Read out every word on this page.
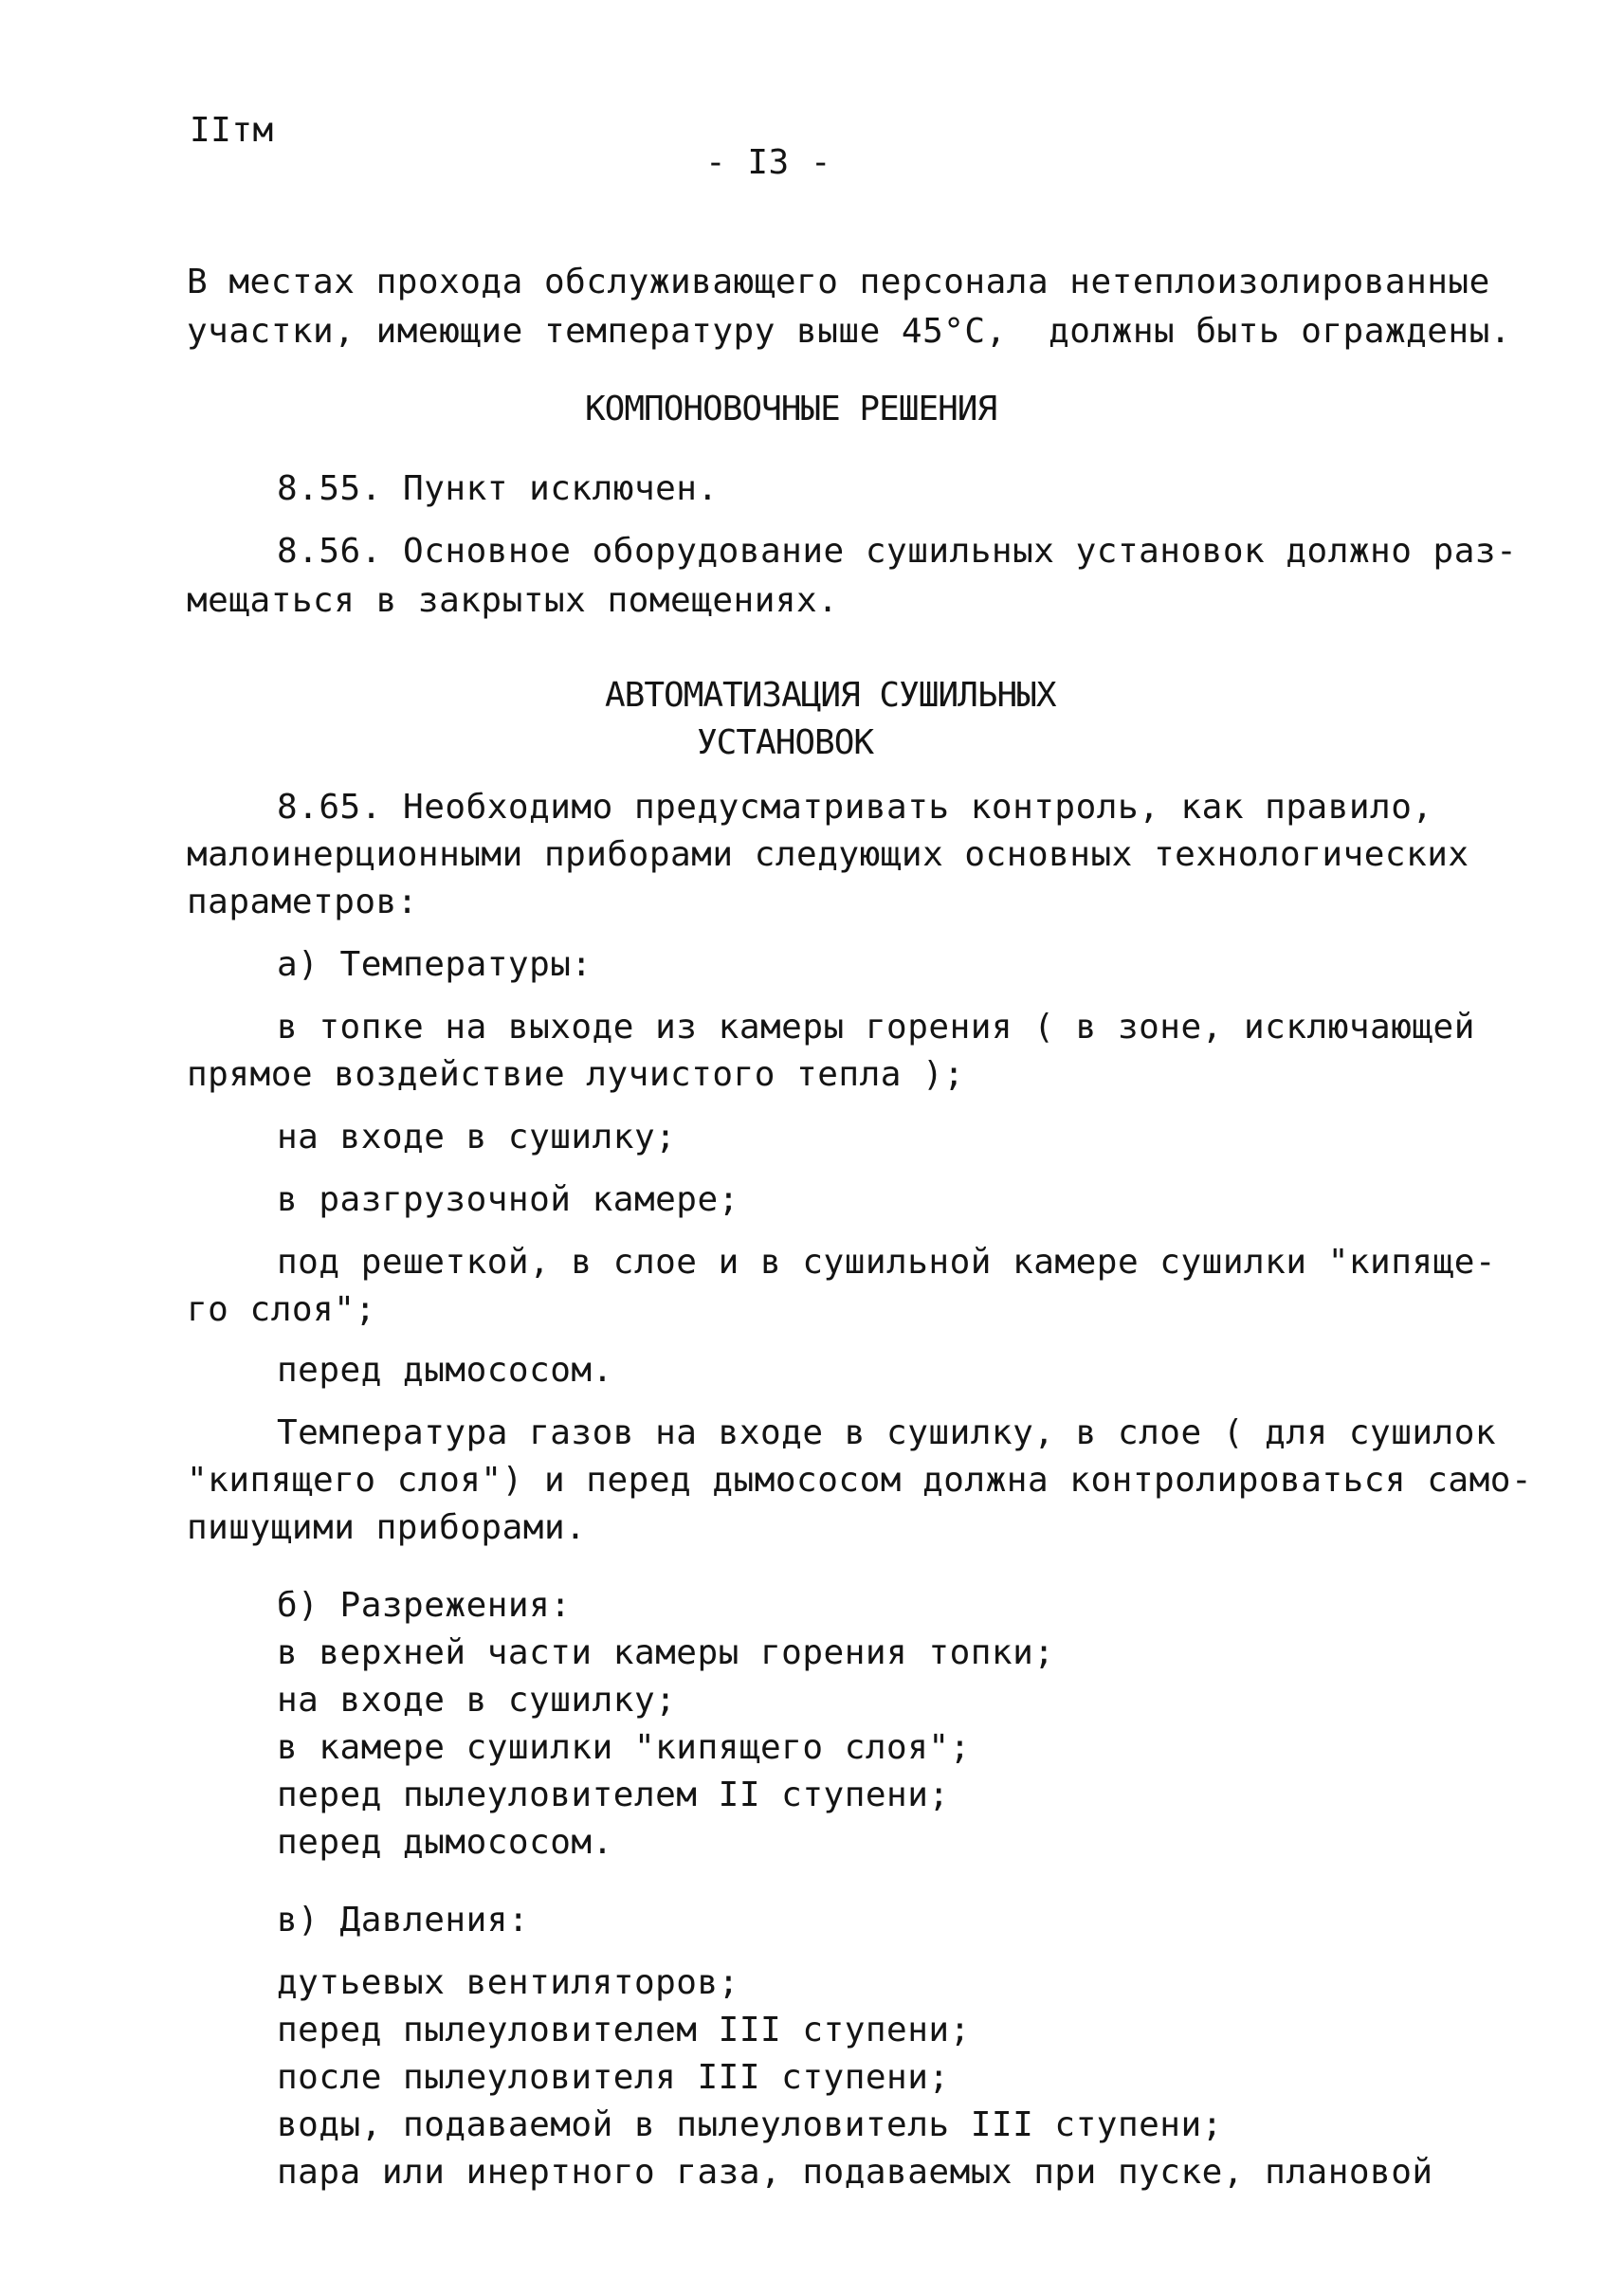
IIтм
- I3 -
В местах прохода обслуживающего персонала нетеплоизолированные
участки, имеющие температуру выше 45°С,  должны быть ограждены.
КОМПОНОВОЧНЫЕ РЕШЕНИЯ
8.55. Пункт исключен.
8.56. Основное оборудование сушильных установок должно раз-
мещаться в закрытых помещениях.
АВТОМАТИЗАЦИЯ СУШИЛЬНЫХ
УСТАНОВОК
8.65. Необходимо предусматривать контроль, как правило,
малоинерционными приборами следующих основных технологических
параметров:
а) Температуры:
в топке на выходе из камеры горения ( в зоне, исключающей
прямое воздействие лучистого тепла );
на входе в сушилку;
в разгрузочной камере;
под решеткой, в слое и в сушильной камере сушилки "кипяще-
го слоя";
перед дымососом.
Температура газов на входе в сушилку, в слое ( для сушилок
"кипящего слоя") и перед дымососом должна контролироваться само-
пишущими приборами.
б) Разрежения:
в верхней части камеры горения топки;
на входе в сушилку;
в камере сушилки "кипящего слоя";
перед пылеуловителем II ступени;
перед дымососом.
в) Давления:
дутьевых вентиляторов;
перед пылеуловителем III ступени;
после пылеуловителя III ступени;
воды, подаваемой в пылеуловитель III ступени;
пара или инертного газа, подаваемых при пуске, плановой
